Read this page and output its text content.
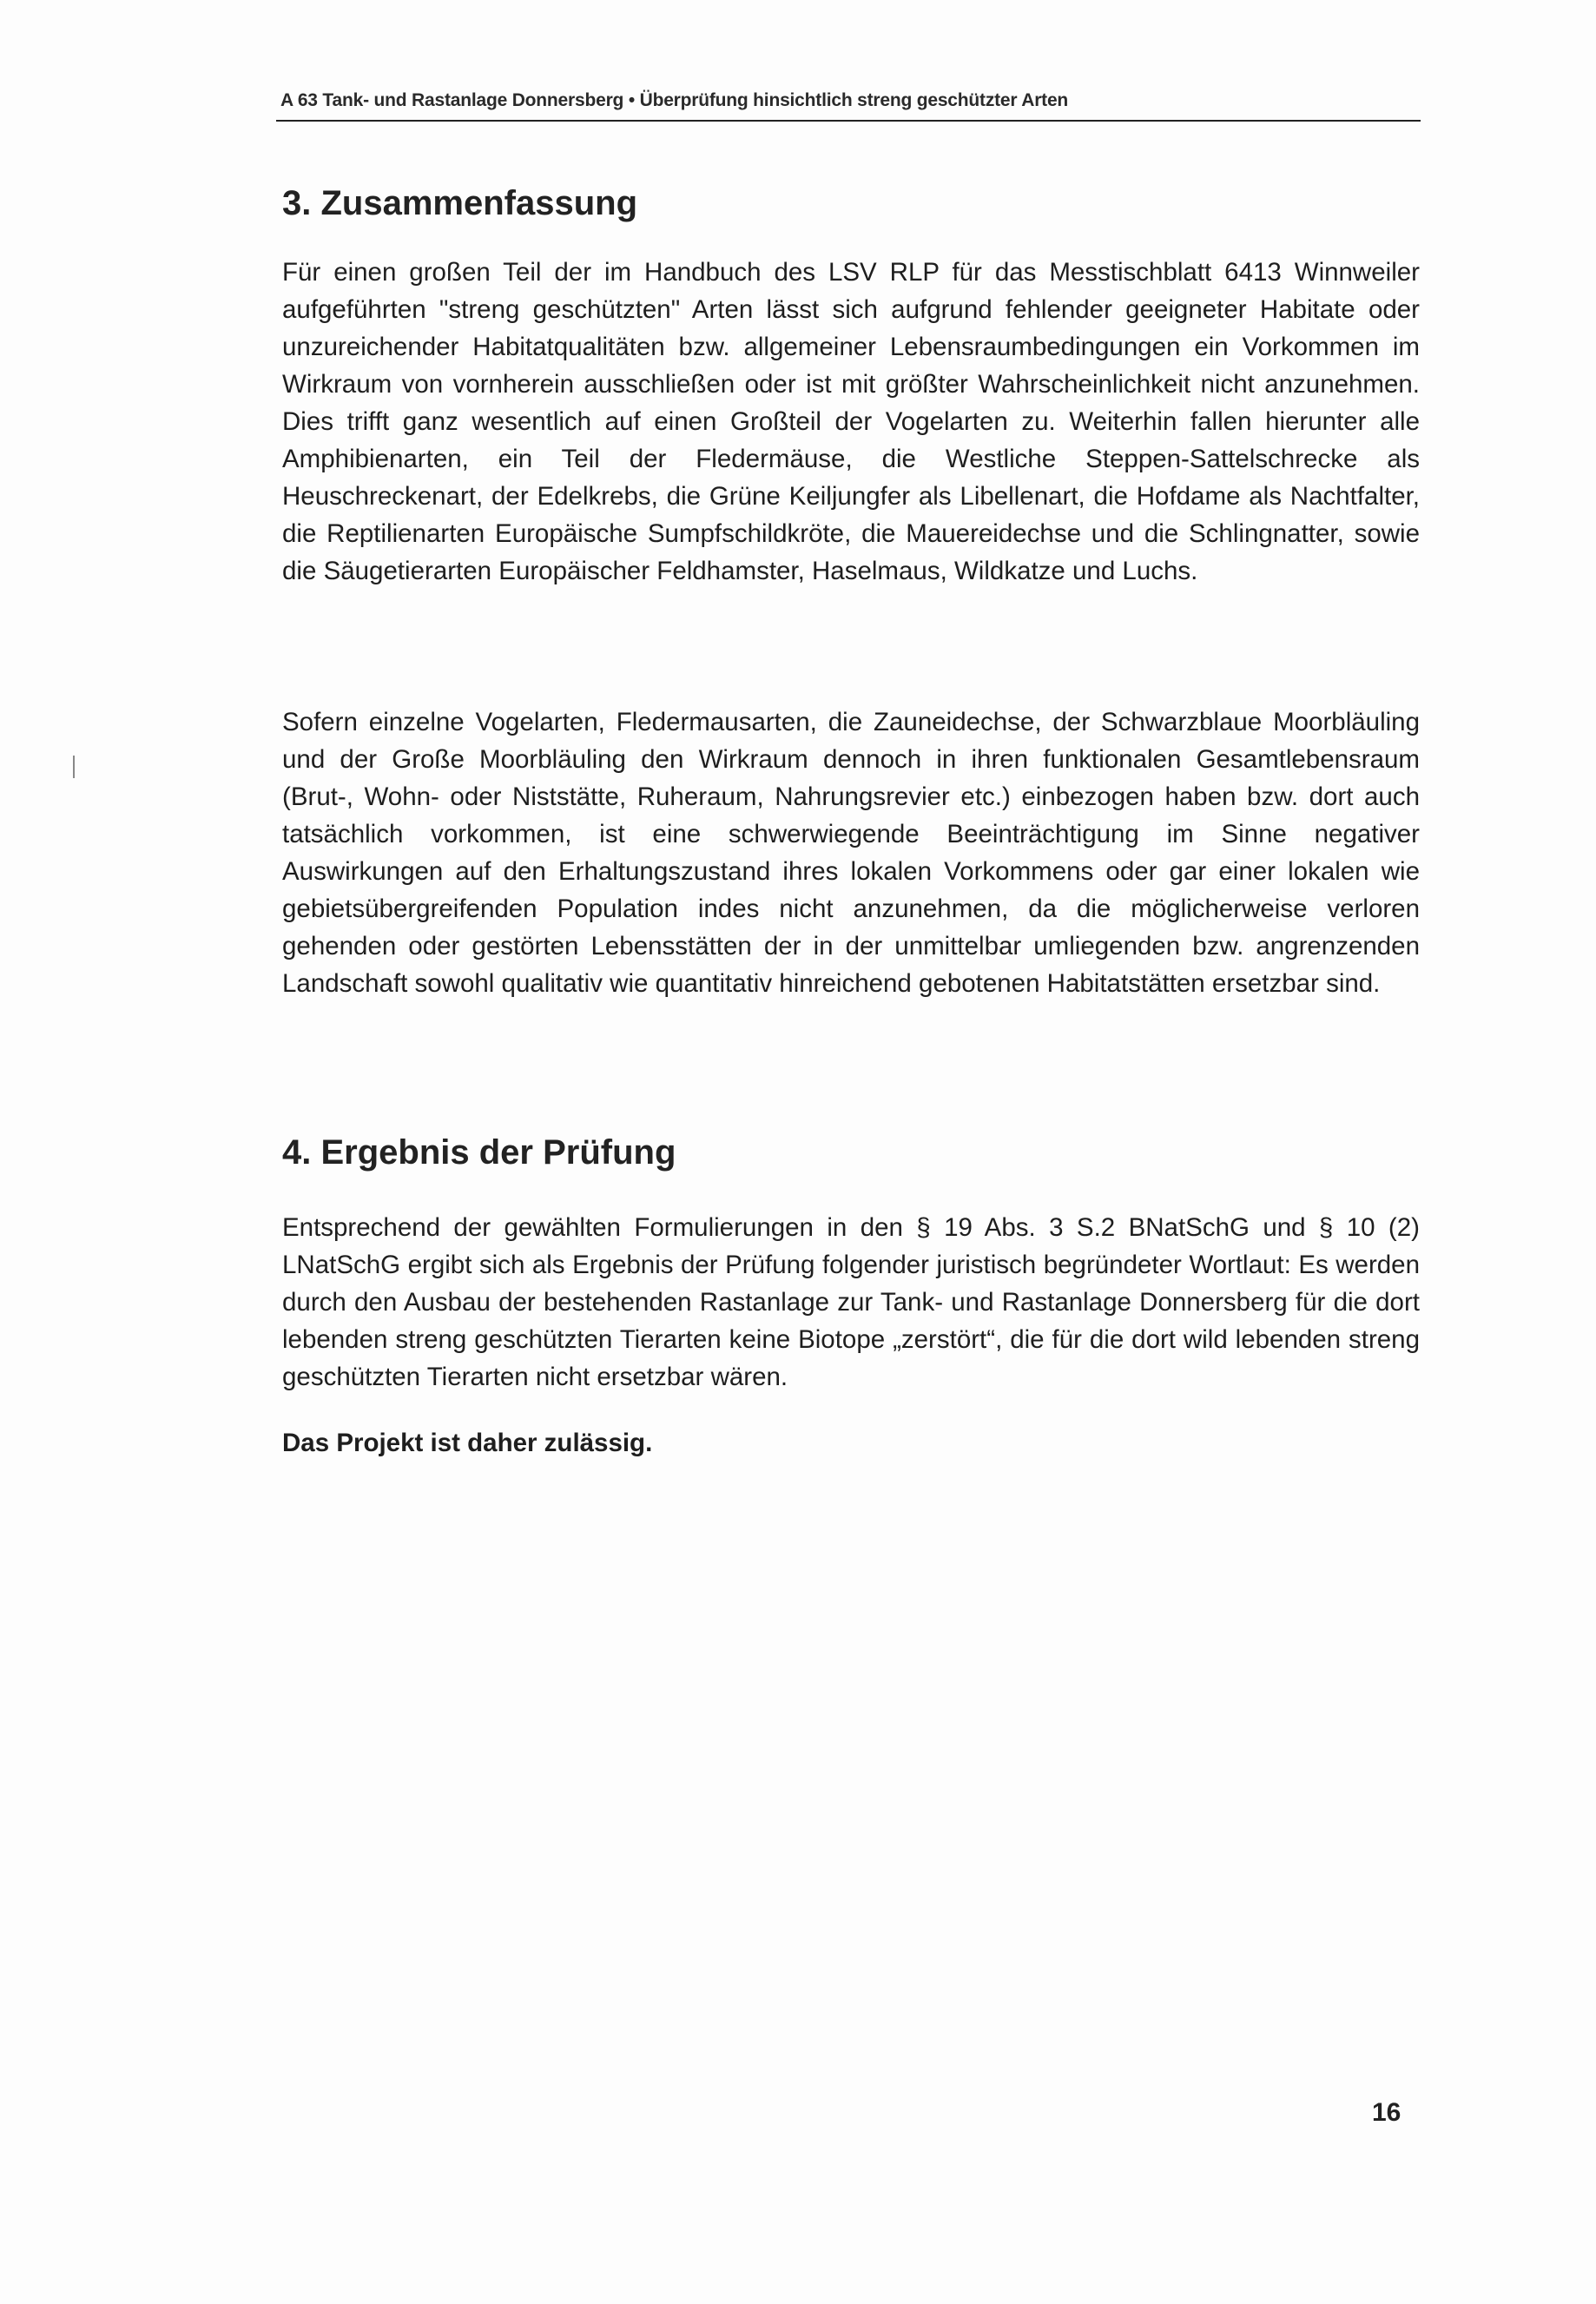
A 63 Tank- und Rastanlage Donnersberg • Überprüfung hinsichtlich streng geschützter Arten
3. Zusammenfassung

Für einen großen Teil der im Handbuch des LSV RLP für das Messtischblatt 6413 Winnweiler aufgeführten "streng geschützten" Arten lässt sich aufgrund fehlender geeigneter Habitate oder unzureichender Habitatqualitäten bzw. allgemeiner Lebensraumbedingungen ein Vorkommen im Wirkraum von vornherein ausschließen oder ist mit größter Wahrscheinlichkeit nicht anzunehmen. Dies trifft ganz wesentlich auf einen Großteil der Vogelarten zu. Weiterhin fallen hierunter alle Amphibienarten, ein Teil der Fledermäuse, die Westliche Steppen-Sattelschrecke als Heuschreckenart, der Edelkrebs, die Grüne Keiljungfer als Libellenart, die Hofdame als Nachtfalter, die Reptilienarten Europäische Sumpfschildkröte, die Mauereidechse und die Schlingnatter, sowie die Säugetierarten Europäischer Feldhamster, Haselmaus, Wildkatze und Luchs.

Sofern einzelne Vogelarten, Fledermausarten, die Zauneidechse, der Schwarzblaue Moorbläuling und der Große Moorbläuling den Wirkraum dennoch in ihren funktionalen Gesamtlebensraum (Brut-, Wohn- oder Niststätte, Ruheraum, Nahrungsrevier etc.) einbezogen haben bzw. dort auch tatsächlich vorkommen, ist eine schwerwiegende Beeinträchtigung im Sinne negativer Auswirkungen auf den Erhaltungszustand ihres lokalen Vorkommens oder gar einer lokalen wie gebietsübergreifenden Population indes nicht anzunehmen, da die möglicherweise verloren gehenden oder gestörten Lebensstätten der in der unmittelbar umliegenden bzw. angrenzenden Landschaft sowohl qualitativ wie quantitativ hinreichend gebotenen Habitatstätten ersetzbar sind.

4. Ergebnis der Prüfung

Entsprechend der gewählten Formulierungen in den § 19 Abs. 3 S.2 BNatSchG und § 10 (2) LNatSchG ergibt sich als Ergebnis der Prüfung folgender juristisch begründeter Wortlaut: Es werden durch den Ausbau der bestehenden Rastanlage zur Tank- und Rastanlage Donnersberg für die dort lebenden streng geschützten Tierarten keine Biotope „zerstört“, die für die dort wild lebenden streng geschützten Tierarten nicht ersetzbar wären.

Das Projekt ist daher zulässig.

16
